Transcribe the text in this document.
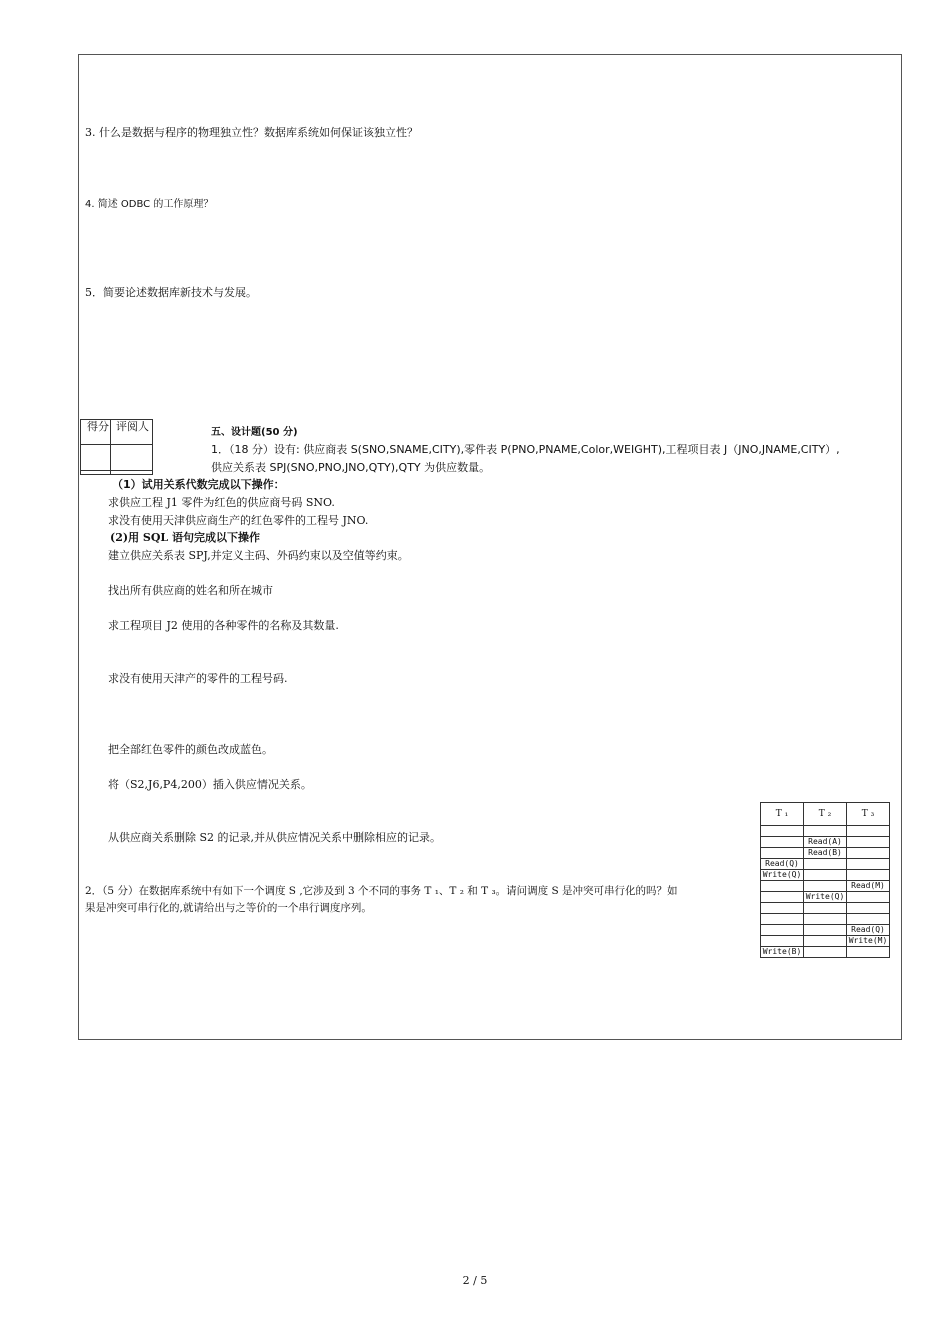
3. 什么是数据与程序的物理独立性？数据库系统如何保证该独立性？
4. 简述 ODBC 的工作原理？
5．简要论述数据库新技术与发展。
得分 评阅人	五、设计题(50 分)
1．（18 分）设有: 供应商表 S(SNO,SNAME,CITY),零件表 P(PNO,PNAME,Color,WEIGHT),工程项目表 J（JNO,JNAME,CITY）,
供应关系表 SPJ(SNO,PNO,JNO,QTY),QTY 为供应数量。
（1）试用关系代数完成以下操作：
求供应工程 J1 零件为红色的供应商号码 SNO.
求没有使用天津供应商生产的红色零件的工程号 JNO.
(2)用 SQL 语句完成以下操作
建立供应关系表 SPJ,并定义主码、外码约束以及空值等约束。
找出所有供应商的姓名和所在城市
求工程项目 J2 使用的各种零件的名称及其数量.
求没有使用天津产的零件的工程号码.
把全部红色零件的颜色改成蓝色。
将（S2,J6,P4,200）插入供应情况关系。
从供应商关系删除 S2 的记录,并从供应情况关系中删除相应的记录。
2．（5 分）在数据库系统中有如下一个调度 S ,它涉及到 3 个不同的事务 T ₁、T ₂ 和 T ₃。请问调度 S 是冲突可串行化的吗？如
果是冲突可串行化的,就请给出与之等价的一个串行调度序列。
T ₁	T ₂	T ₃

	Read(A)	
	Read(B)	
Read(Q)		
Write(Q)		
		Read(M)
	Write(Q)	

		Read(Q)
		Write(M)
Write(B)		
2 / 5
